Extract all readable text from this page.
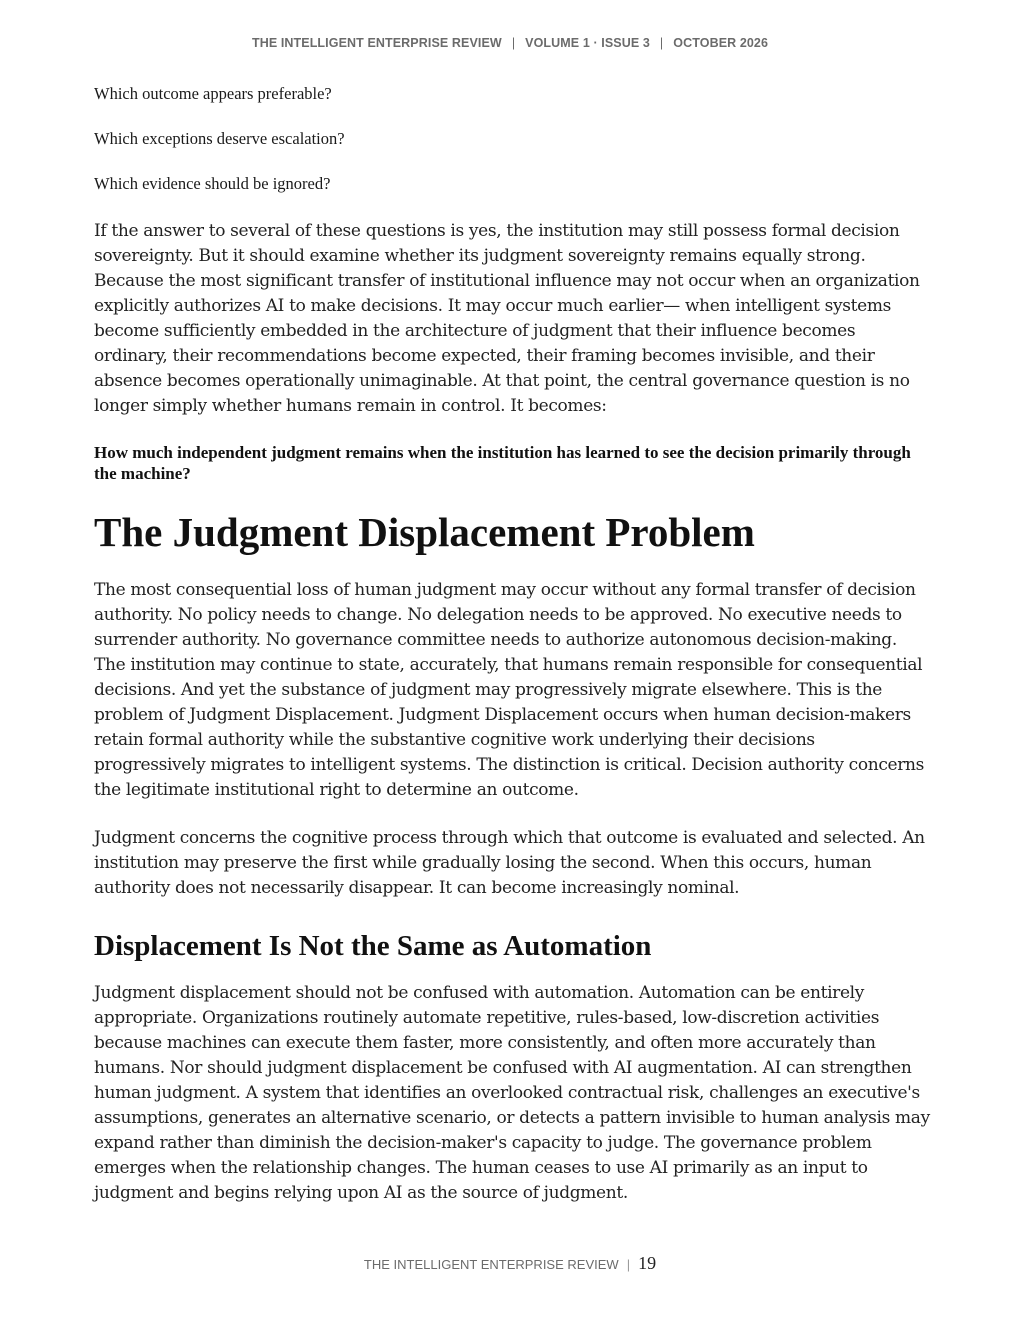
THE INTELLIGENT ENTERPRISE REVIEW | VOLUME 1 · ISSUE 3 | OCTOBER 2026

Which outcome appears preferable?

Which exceptions deserve escalation?

Which evidence should be ignored?

If the answer to several of these questions is yes, the institution may still possess formal decision sovereignty. But it should examine whether its judgment sovereignty remains equally strong. Because the most significant transfer of institutional influence may not occur when an organization explicitly authorizes AI to make decisions. It may occur much earlier— when intelligent systems become sufficiently embedded in the architecture of judgment that their influence becomes ordinary, their recommendations become expected, their framing becomes invisible, and their absence becomes operationally unimaginable. At that point, the central governance question is no longer simply whether humans remain in control. It becomes:

How much independent judgment remains when the institution has learned to see the decision primarily through the machine?

The Judgment Displacement Problem

The most consequential loss of human judgment may occur without any formal transfer of decision authority. No policy needs to change. No delegation needs to be approved. No executive needs to surrender authority. No governance committee needs to authorize autonomous decision-making. The institution may continue to state, accurately, that humans remain responsible for consequential decisions. And yet the substance of judgment may progressively migrate elsewhere. This is the problem of Judgment Displacement. Judgment Displacement occurs when human decision-makers retain formal authority while the substantive cognitive work underlying their decisions progressively migrates to intelligent systems. The distinction is critical. Decision authority concerns the legitimate institutional right to determine an outcome.

Judgment concerns the cognitive process through which that outcome is evaluated and selected. An institution may preserve the first while gradually losing the second. When this occurs, human authority does not necessarily disappear. It can become increasingly nominal.

Displacement Is Not the Same as Automation

Judgment displacement should not be confused with automation. Automation can be entirely appropriate. Organizations routinely automate repetitive, rules-based, low-discretion activities because machines can execute them faster, more consistently, and often more accurately than humans. Nor should judgment displacement be confused with AI augmentation. AI can strengthen human judgment. A system that identifies an overlooked contractual risk, challenges an executive's assumptions, generates an alternative scenario, or detects a pattern invisible to human analysis may expand rather than diminish the decision-maker's capacity to judge. The governance problem emerges when the relationship changes. The human ceases to use AI primarily as an input to judgment and begins relying upon AI as the source of judgment.

THE INTELLIGENT ENTERPRISE REVIEW | 19
